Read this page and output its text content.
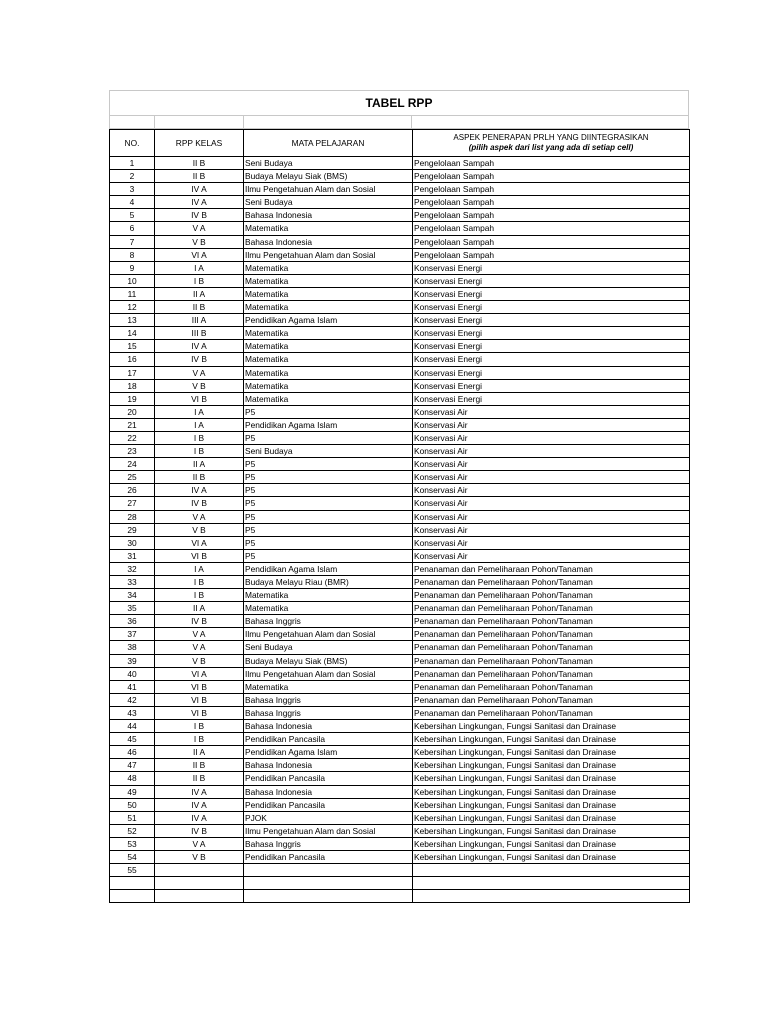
TABEL RPP
NO.	RPP KELAS	MATA PELAJARAN	ASPEK PENERAPAN PRLH YANG DIINTEGRASIKAN
(pilih aspek dari list yang ada di setiap cell)

1	II B	Seni Budaya	Pengelolaan Sampah
2	II B	Budaya Melayu Siak (BMS)	Pengelolaan Sampah
3	IV A	Ilmu Pengetahuan Alam dan Sosial	Pengelolaan Sampah
4	IV A	Seni Budaya	Pengelolaan Sampah
5	IV B	Bahasa Indonesia	Pengelolaan Sampah
6	V A	Matematika	Pengelolaan Sampah
7	V B	Bahasa Indonesia	Pengelolaan Sampah
8	VI A	Ilmu Pengetahuan Alam dan Sosial	Pengelolaan Sampah
9	I A	Matematika	Konservasi Energi
10	I B	Matematika	Konservasi Energi
11	II A	Matematika	Konservasi Energi
12	II B	Matematika	Konservasi Energi
13	III A	Pendidikan Agama Islam	Konservasi Energi
14	III B	Matematika	Konservasi Energi
15	IV A	Matematika	Konservasi Energi
16	IV B	Matematika	Konservasi Energi
17	V A	Matematika	Konservasi Energi
18	V B	Matematika	Konservasi Energi
19	VI B	Matematika	Konservasi Energi
20	I A	P5	Konservasi Air
21	I A	Pendidikan Agama Islam	Konservasi Air
22	I B	P5	Konservasi Air
23	I B	Seni Budaya	Konservasi Air
24	II A	P5	Konservasi Air
25	II B	P5	Konservasi Air
26	IV A	P5	Konservasi Air
27	IV B	P5	Konservasi Air
28	V A	P5	Konservasi Air
29	V B	P5	Konservasi Air
30	VI A	P5	Konservasi Air
31	VI B	P5	Konservasi Air
32	I A	Pendidikan Agama Islam	Penanaman dan Pemeliharaan Pohon/Tanaman
33	I B	Budaya Melayu Riau (BMR)	Penanaman dan Pemeliharaan Pohon/Tanaman
34	I B	Matematika	Penanaman dan Pemeliharaan Pohon/Tanaman
35	II A	Matematika	Penanaman dan Pemeliharaan Pohon/Tanaman
36	IV B	Bahasa Inggris	Penanaman dan Pemeliharaan Pohon/Tanaman
37	V A	Ilmu Pengetahuan Alam dan Sosial	Penanaman dan Pemeliharaan Pohon/Tanaman
38	V A	Seni Budaya	Penanaman dan Pemeliharaan Pohon/Tanaman
39	V B	Budaya Melayu Siak (BMS)	Penanaman dan Pemeliharaan Pohon/Tanaman
40	VI A	Ilmu Pengetahuan Alam dan Sosial	Penanaman dan Pemeliharaan Pohon/Tanaman
41	VI B	Matematika	Penanaman dan Pemeliharaan Pohon/Tanaman
42	VI B	Bahasa Inggris	Penanaman dan Pemeliharaan Pohon/Tanaman
43	VI B	Bahasa Inggris	Penanaman dan Pemeliharaan Pohon/Tanaman
44	I B	Bahasa Indonesia	Kebersihan Lingkungan, Fungsi Sanitasi dan Drainase
45	I B	Pendidikan Pancasila	Kebersihan Lingkungan, Fungsi Sanitasi dan Drainase
46	II A	Pendidikan Agama Islam	Kebersihan Lingkungan, Fungsi Sanitasi dan Drainase
47	II B	Bahasa Indonesia	Kebersihan Lingkungan, Fungsi Sanitasi dan Drainase
48	II B	Pendidikan Pancasila	Kebersihan Lingkungan, Fungsi Sanitasi dan Drainase
49	IV A	Bahasa Indonesia	Kebersihan Lingkungan, Fungsi Sanitasi dan Drainase
50	IV A	Pendidikan Pancasila	Kebersihan Lingkungan, Fungsi Sanitasi dan Drainase
51	IV A	PJOK	Kebersihan Lingkungan, Fungsi Sanitasi dan Drainase
52	IV B	Ilmu Pengetahuan Alam dan Sosial	Kebersihan Lingkungan, Fungsi Sanitasi dan Drainase
53	V A	Bahasa Inggris	Kebersihan Lingkungan, Fungsi Sanitasi dan Drainase
54	V B	Pendidikan Pancasila	Kebersihan Lingkungan, Fungsi Sanitasi dan Drainase
55			
